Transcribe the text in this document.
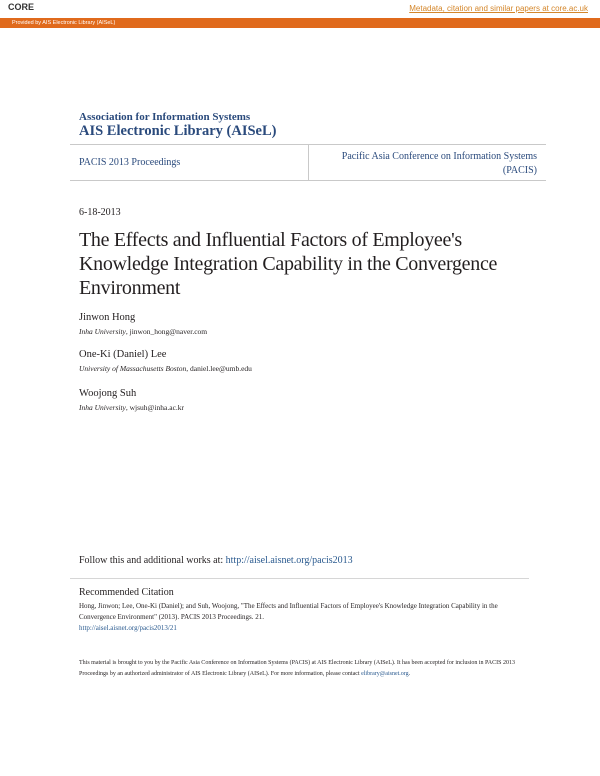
CORE	Metadata, citation and similar papers at core.ac.uk
Provided by AIS Electronic Library (AISeL)
Association for Information Systems
AIS Electronic Library (AISeL)
PACIS 2013 Proceedings
Pacific Asia Conference on Information Systems (PACIS)
6-18-2013
The Effects and Influential Factors of Employee's Knowledge Integration Capability in the Convergence Environment
Jinwon Hong
Inha University, jinwon_hong@naver.com
One-Ki (Daniel) Lee
University of Massachusetts Boston, daniel.lee@umb.edu
Woojong Suh
Inha University, wjsuh@inha.ac.kr
Follow this and additional works at: http://aisel.aisnet.org/pacis2013
Recommended Citation
Hong, Jinwon; Lee, One-Ki (Daniel); and Suh, Woojong, "The Effects and Influential Factors of Employee's Knowledge Integration Capability in the Convergence Environment" (2013). PACIS 2013 Proceedings. 21.
http://aisel.aisnet.org/pacis2013/21
This material is brought to you by the Pacific Asia Conference on Information Systems (PACIS) at AIS Electronic Library (AISeL). It has been accepted for inclusion in PACIS 2013 Proceedings by an authorized administrator of AIS Electronic Library (AISeL). For more information, please contact elibrary@aisnet.org.
